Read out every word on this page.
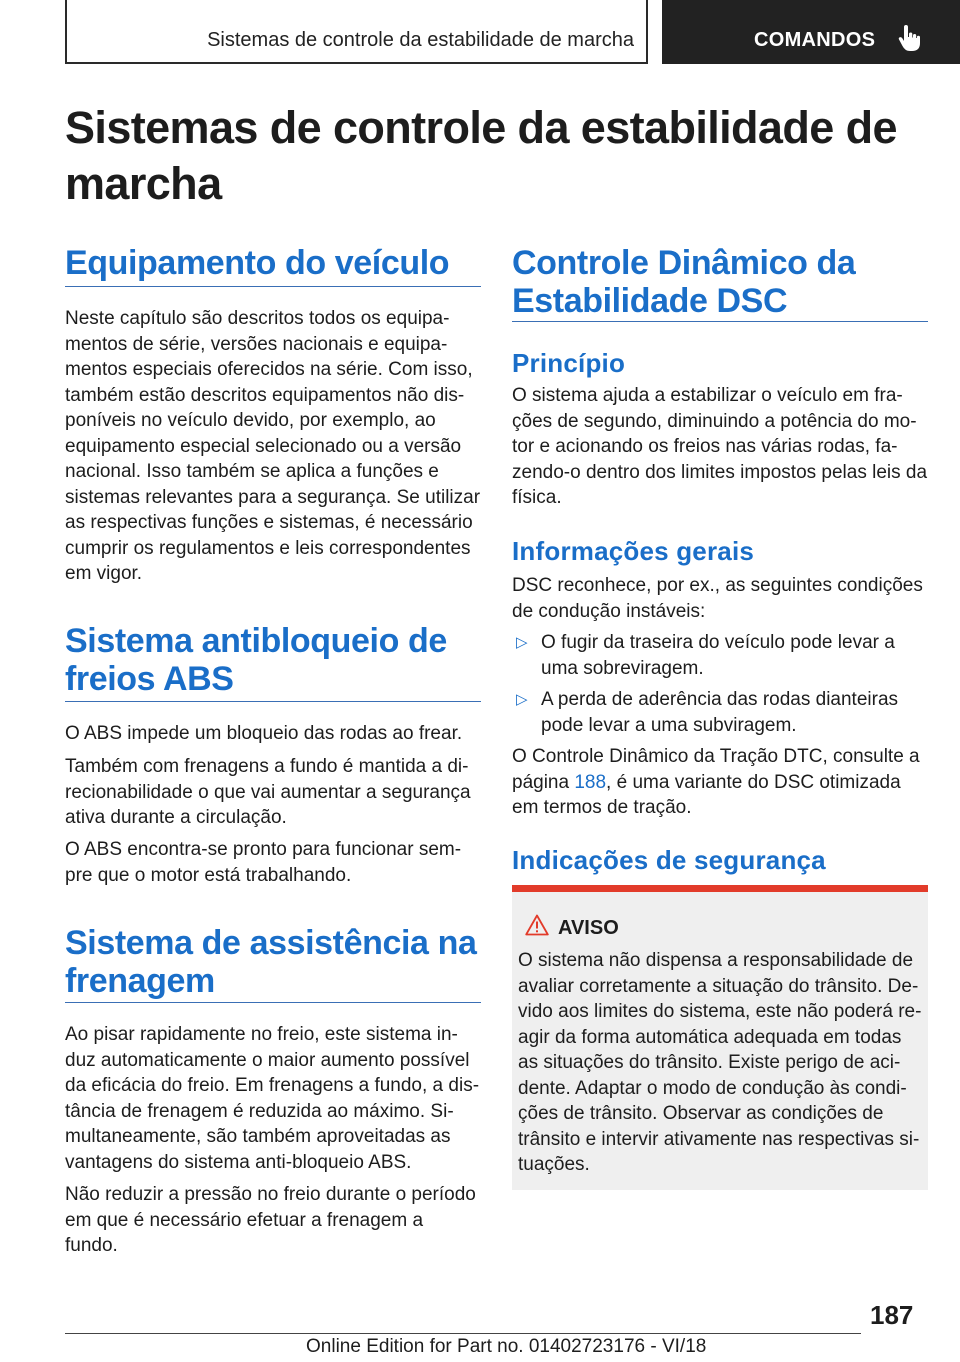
Sistemas de controle da estabilidade de marcha	COMANDOS
Sistemas de controle da estabilidade de marcha
Equipamento do veículo

Neste capítulo são descritos todos os equipamentos de série, versões nacionais e equipamentos especiais oferecidos na série. Com isso, também estão descritos equipamentos não disponíveis no veículo devido, por exemplo, ao equipamento especial selecionado ou a versão nacional. Isso também se aplica a funções e sistemas relevantes para a segurança. Se utilizar as respectivas funções e sistemas, é necessário cumprir os regulamentos e leis correspondentes em vigor.

Sistema antibloqueio de freios ABS

O ABS impede um bloqueio das rodas ao frear.

Também com frenagens a fundo é mantida a direcionabilidade o que vai aumentar a segurança ativa durante a circulação.

O ABS encontra-se pronto para funcionar sempre que o motor está trabalhando.

Sistema de assistência na frenagem

Ao pisar rapidamente no freio, este sistema induz automaticamente o maior aumento possível da eficácia do freio. Em frenagens a fundo, a distância de frenagem é reduzida ao máximo. Simultaneamente, são também aproveitadas as vantagens do sistema anti-bloqueio ABS.

Não reduzir a pressão no freio durante o período em que é necessário efetuar a frenagem a fundo.

Controle Dinâmico da Estabilidade DSC
Princípio

O sistema ajuda a estabilizar o veículo em frações de segundo, diminuindo a potência do motor e acionando os freios nas várias rodas, fazendo-o dentro dos limites impostos pelas leis da física.

Informações gerais

DSC reconhece, por ex., as seguintes condições de condução instáveis:

▷ O fugir da traseira do veículo pode levar a uma sobreviragem.

▷ A perda de aderência das rodas dianteiras pode levar a uma subviragem.

O Controle Dinâmico da Tração DTC, consulte a página 188, é uma variante do DSC otimizada em termos de tração.

Indicações de segurança
AVISO

O sistema não dispensa a responsabilidade de avaliar corretamente a situação do trânsito. Devido aos limites do sistema, este não poderá reagir da forma automática adequada em todas as situações do trânsito. Existe perigo de acidente. Adaptar o modo de condução às condições de trânsito. Observar as condições de trânsito e intervir ativamente nas respectivas situações.

187
Online Edition for Part no. 01402723176 - VI/18
